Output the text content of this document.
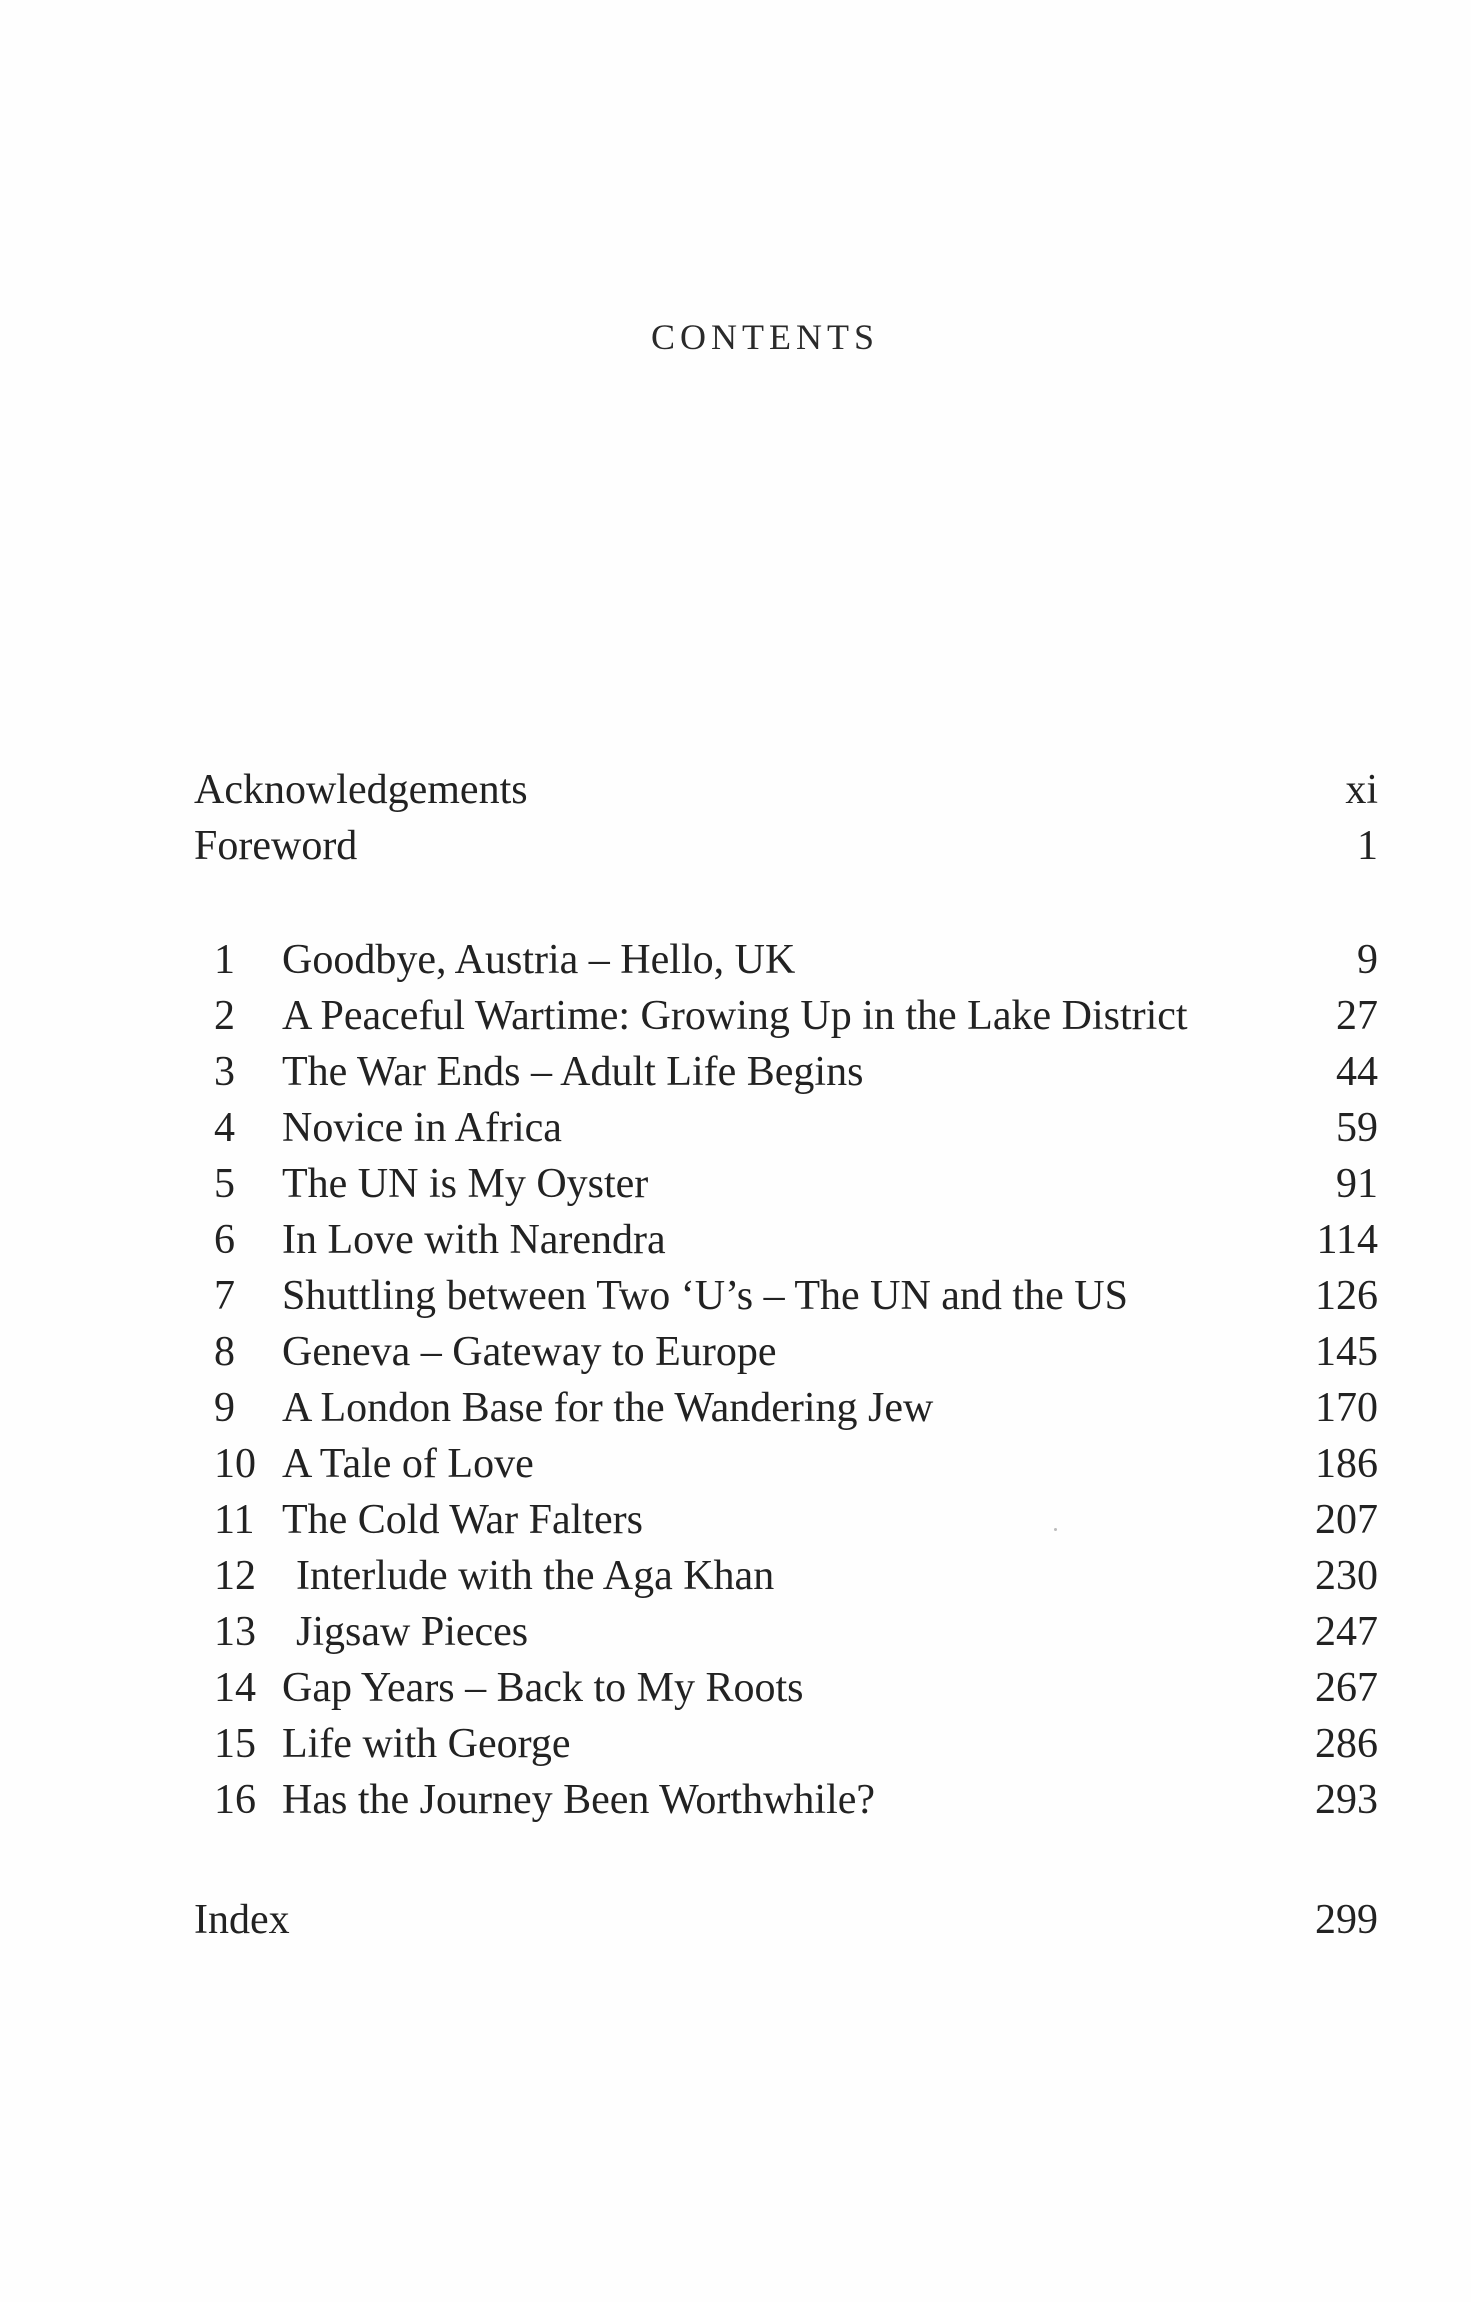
CONTENTS
Acknowledgements	xi
Foreword	1
1 Goodbye, Austria – Hello, UK	9
2 A Peaceful Wartime: Growing Up in the Lake District	27
3 The War Ends – Adult Life Begins	44
4 Novice in Africa	59
5 The UN is My Oyster	91
6 In Love with Narendra	114
7 Shuttling between Two ‘U’s – The UN and the US	126
8 Geneva – Gateway to Europe	145
9 A London Base for the Wandering Jew	170
10 A Tale of Love	186
11 The Cold War Falters	207
12 Interlude with the Aga Khan	230
13 Jigsaw Pieces	247
14 Gap Years – Back to My Roots	267
15 Life with George	286
16 Has the Journey Been Worthwhile?	293
Index	299
